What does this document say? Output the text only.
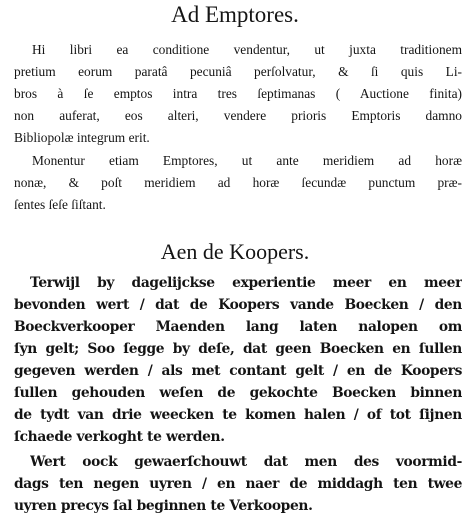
Ad Emptores.

Hi libri ea conditione vendentur, ut juxta traditionem

pretium eorum paratâ pecuniâ perſolvatur, & ſi quis Li-

bros à ſe emptos intra tres ſeptimanas ( Auctione finita)

non auferat, eos alteri, vendere prioris Emptoris damno

Bibliopolæ integrum erit.

Monentur etiam Emptores, ut ante meridiem ad horæ

nonæ, & poſt meridiem ad horæ ſecundæ punctum præ-

ſentes ſeſe ſiſtant.

Aen de Koopers.

Terwijl by dagelijckse experientie meer en meer

bevonden wert / dat de Koopers vande Boecken / den

Boeckverkooper Maenden lang laten nalopen om

ſyn gelt; Soo ſegge by deſe, dat geen Boecken en ſullen

gegeven werden / als met contant gelt / en de Koopers

ſullen gehouden weſen de gekochte Boecken binnen

de tydt van drie weecken te komen halen / of tot ſijnen

ſchaede verkoght te werden.

Wert oock gewaerſchouwt dat men des voormid-

dags ten negen uyren / en naer de middagh ten twee

uyren precys ſal beginnen te Verkoopen.
